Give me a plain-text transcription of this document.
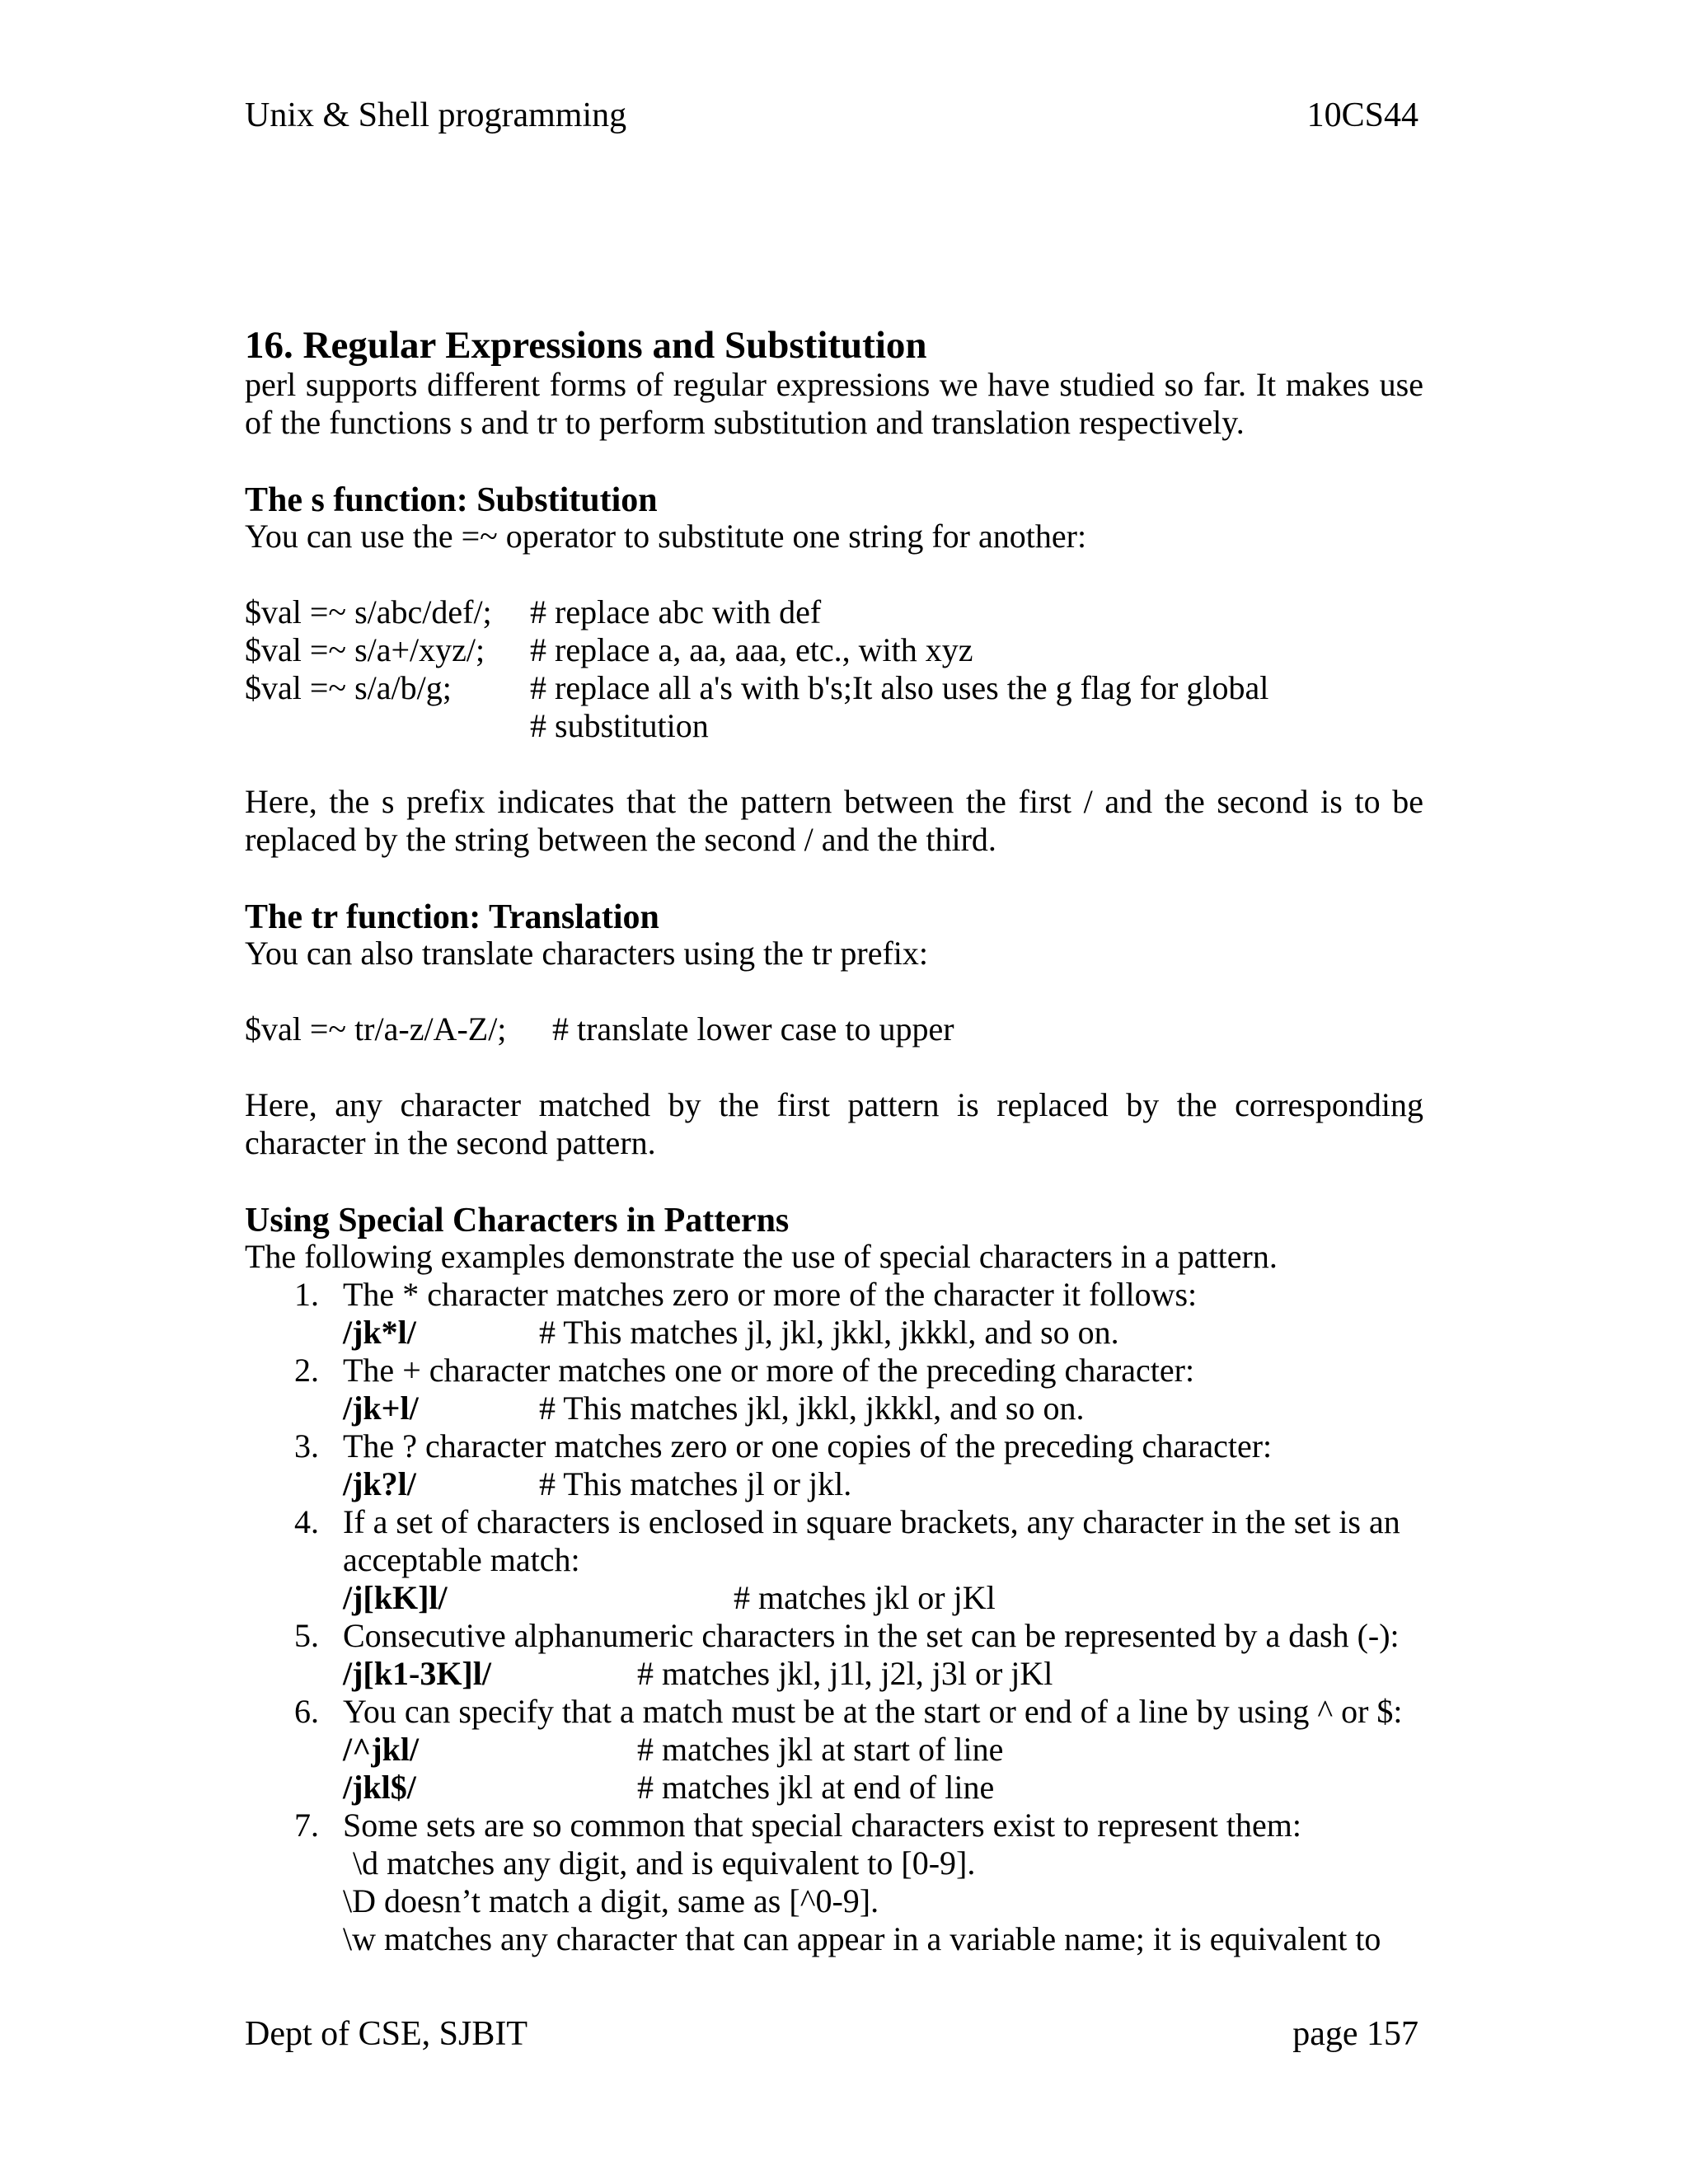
Unix & Shell programming	10CS44
16. Regular Expressions and Substitution
perl supports different forms of regular expressions we have studied so far. It makes use of the functions s and tr to perform substitution and translation respectively.
The s function: Substitution
You can use the =~ operator to substitute one string for another:
$val =~ s/abc/def/; # replace abc with def
$val =~ s/a+/xyz/; # replace a, aa, aaa, etc., with xyz
$val =~ s/a/b/g; # replace all a's with b's;It also uses the g flag for global
# substitution
Here, the s prefix indicates that the pattern between the first / and the second is to be replaced by the string between the second / and the third.
The tr function: Translation
You can also translate characters using the tr prefix:
$val =~ tr/a-z/A-Z/; # translate lower case to upper
Here, any character matched by the first pattern is replaced by the corresponding character in the second pattern.
Using Special Characters in Patterns
The following examples demonstrate the use of special characters in a pattern.
1. The * character matches zero or more of the character it follows:
/jk*l/	# This matches jl, jkl, jkkl, jkkkl, and so on.
2. The + character matches one or more of the preceding character:
/jk+l/	# This matches jkl, jkkl, jkkkl, and so on.
3. The ? character matches zero or one copies of the preceding character:
/jk?l/	# This matches jl or jkl.
4. If a set of characters is enclosed in square brackets, any character in the set is an
acceptable match:
/j[kK]l/	# matches jkl or jKl
5. Consecutive alphanumeric characters in the set can be represented by a dash (-):
/j[k1-3K]l/	# matches jkl, j1l, j2l, j3l or jKl
6. You can specify that a match must be at the start or end of a line by using ^ or $:
/^jkl/	# matches jkl at start of line
/jkl$/	# matches jkl at end of line
7. Some sets are so common that special characters exist to represent them:
\d matches any digit, and is equivalent to [0-9].
\D doesn’t match a digit, same as [^0-9].
\w matches any character that can appear in a variable name; it is equivalent to
Dept of CSE, SJBIT	page 157
